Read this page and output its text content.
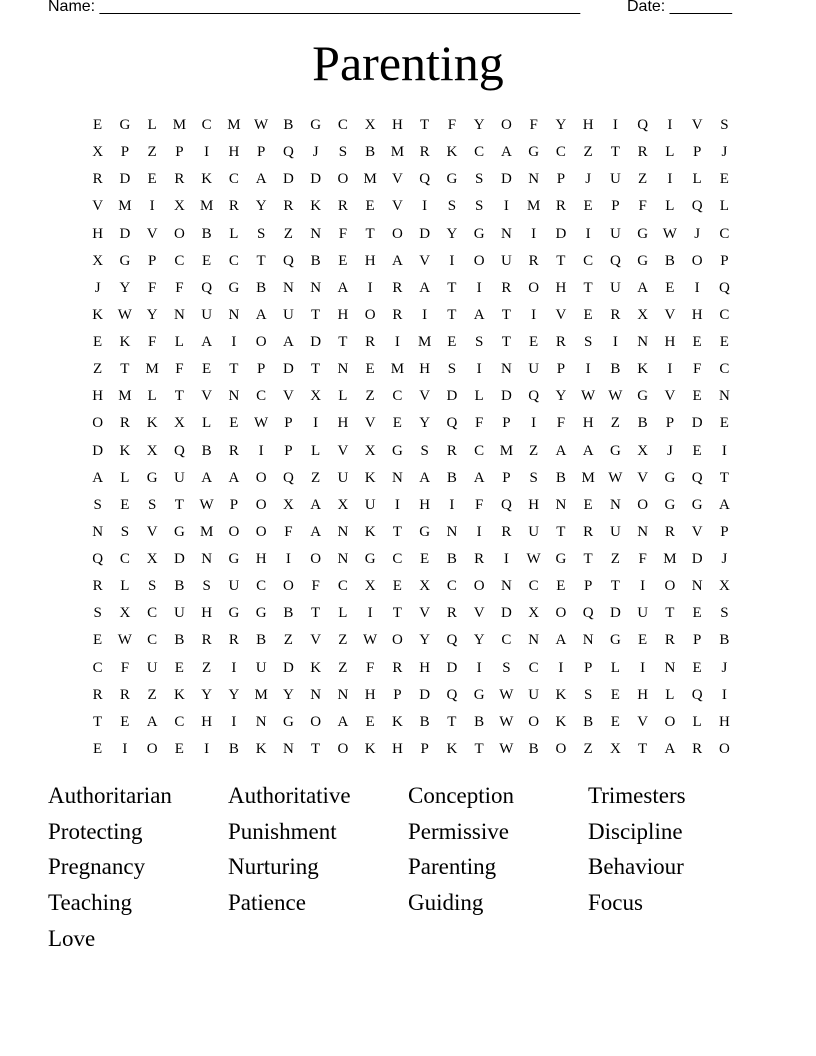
Name: ______________________________________________________	Date: _______
Parenting
E	G	L	M	C	M W	B	G	C	X	H	T	F	Y	O	F	Y	H	I	Q	I	V	S
X	P	Z	P	I	H	P	Q	J	S	B	M	R	K	C	A	G	C	Z	T	R	L	P	J
R	D	E	R	K	C	A	D	D	O	M	V	Q	G	S	D	N	P	J	U	Z	I	L	E
V	M	I	X	M	R	Y	R	K	R	E	V	I	S	S	I	M	R	E	P	F	L	Q	L
H	D	V	O	B	L	S	Z	N	F	T	O	D	Y	G	N	I	D	I	U	G W	J	C
X	G	P	C	E	C	T	Q	B	E	H	A	V	I	O	U	R	T	C	Q	G	B	O	P
J	Y	F	F	Q	G	B	N	N	A	I	R	A	T	I	R	O	H	T	U	A	E	I	Q
K W Y	N	U	N	A	U	T	H	O	R	I	T	A	T	I	V	E	R	X	V	H	C
E	K	F	L	A	I	O	A	D	T	R	I	M	E	S	T	E	R	S	I	N	H	E	E
Z	T	M	F	E	T	P	D	T	N	E	M	H	S	I	N	U	P	I	B	K	I	F	C
H	M	L	T	V	N	C	V	X	L	Z	C	V	D	L	D	Q	Y W W G	V	E	N
O	R	K	X	L	E	W	P	I	H	V	E	Y	Q	F	P	I	F	H	Z	B	P	D	E
D	K	X	Q	B	R	I	P	L	V	X	G	S	R	C	M	Z	A	A	G	X	J	E	I
A	L	G	U	A	A	O	Q	Z	U	K	N	A	B	A	P	S	B	M W V	G	Q	T
S	E	S	T	W	P	O	X	A	X	U	I	H	I	F	Q	H	N	E	N	O	G	G	A
N	S	V	G	M	O	O	F	A	N	K	T	G	N	I	R	U	T	R	U	N	R	V	P
Q	C	X	D	N	G	H	I	O	N	G	C	E	B	R	I	W G	T	Z	F	M	D	J
R	L	S	B	S	U	C	O	F	C	X	E	X	C	O	N	C	E	P	T	I	O	N	X
S	X	C	U	H	G	G	B	T	L	I	T	V	R	V	D	X	O	Q	D	U	T	E	S
E	W	C	B	R	R	B	Z	V	Z	W O	Y	Q	Y	C	N	A	N	G	E	R	P	B
C	F	U	E	Z	I	U	D	K	Z	F	R	H	D	I	S	C	I	P	L	I	N	E	J
R	R	Z	K	Y	Y	M	Y	N	N	H	P	D	Q	G W U	K	S	E	H	L	Q	I
T	E	A	C	H	I	N	G	O	A	E	K	B	T	B	W O	K	B	E	V	O	L	H
E	I	O	E	I	B	K	N	T	O	K	H	P	K	T	W	B	O	Z	X	T	A	R	O
Authoritarian	Authoritative	Conception	Trimesters
Protecting	Punishment	Permissive	Discipline
Pregnancy	Nurturing	Parenting	Behaviour
Teaching	Patience	Guiding	Focus
Love
